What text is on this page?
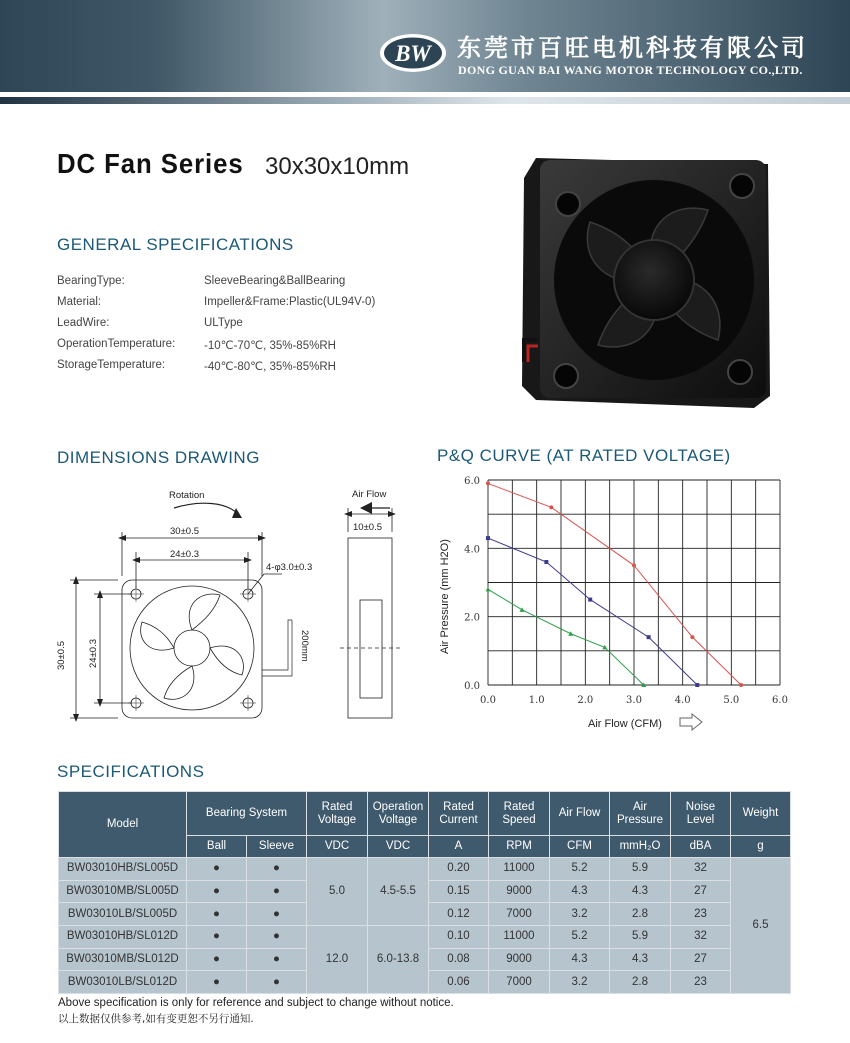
BW 东莞市百旺电机科技有限公司
DONG GUAN BAI WANG MOTOR TECHNOLOGY CO.,LTD.
DC Fan Series 30x30x10mm
GENERAL SPECIFICATIONS
BearingType:	SleeveBearing&BallBearing
Material:	Impeller&Frame:Plastic(UL94V-0)
LeadWire:	ULType
OperationTemperature: -10℃-70℃, 35%-85%RH
StorageTemperature:	-40℃-80℃, 35%-85%RH
DIMENSIONS DRAWING
Rotation	Air Flow
30±0.5
24±0.3
4-φ3.0±0.3
10±0.5
30±0.5 24±0.3	200mm
P&Q CURVE (AT RATED VOLTAGE)
0.0	1.0	2.0	3.0	4.0	5.0	6.0
0.0
2.0
4.0
6.0
Air Pressure (mm H2O)
Air Flow (CFM)
SPECIFICATIONS
Model	Bearing System		Rated Voltage	Operation Voltage	Rated Current	Rated Speed	Air Flow	Air Pressure	Noise Level	Weight
	Ball	Sleeve	VDC	VDC	A	RPM	CFM	mmH₂O	dBA	g
BW03010HB/SL005D	●	●	5.0	4.5-5.5	0.20	11000	5.2	5.9	32	6.5
BW03010MB/SL005D	●	●			0.15	9000	4.3	4.3	27	
BW03010LB/SL005D	●	●			0.12	7000	3.2	2.8	23	
BW03010HB/SL012D	●	●	12.0	6.0-13.8	0.10	11000	5.2	5.9	32	
BW03010MB/SL012D	●	●			0.08	9000	4.3	4.3	27	
BW03010LB/SL012D	●	●			0.06	7000	3.2	2.8	23	
Above specification is only for reference and subject to change without notice.
以上数据仅供参考,如有变更恕不另行通知.
